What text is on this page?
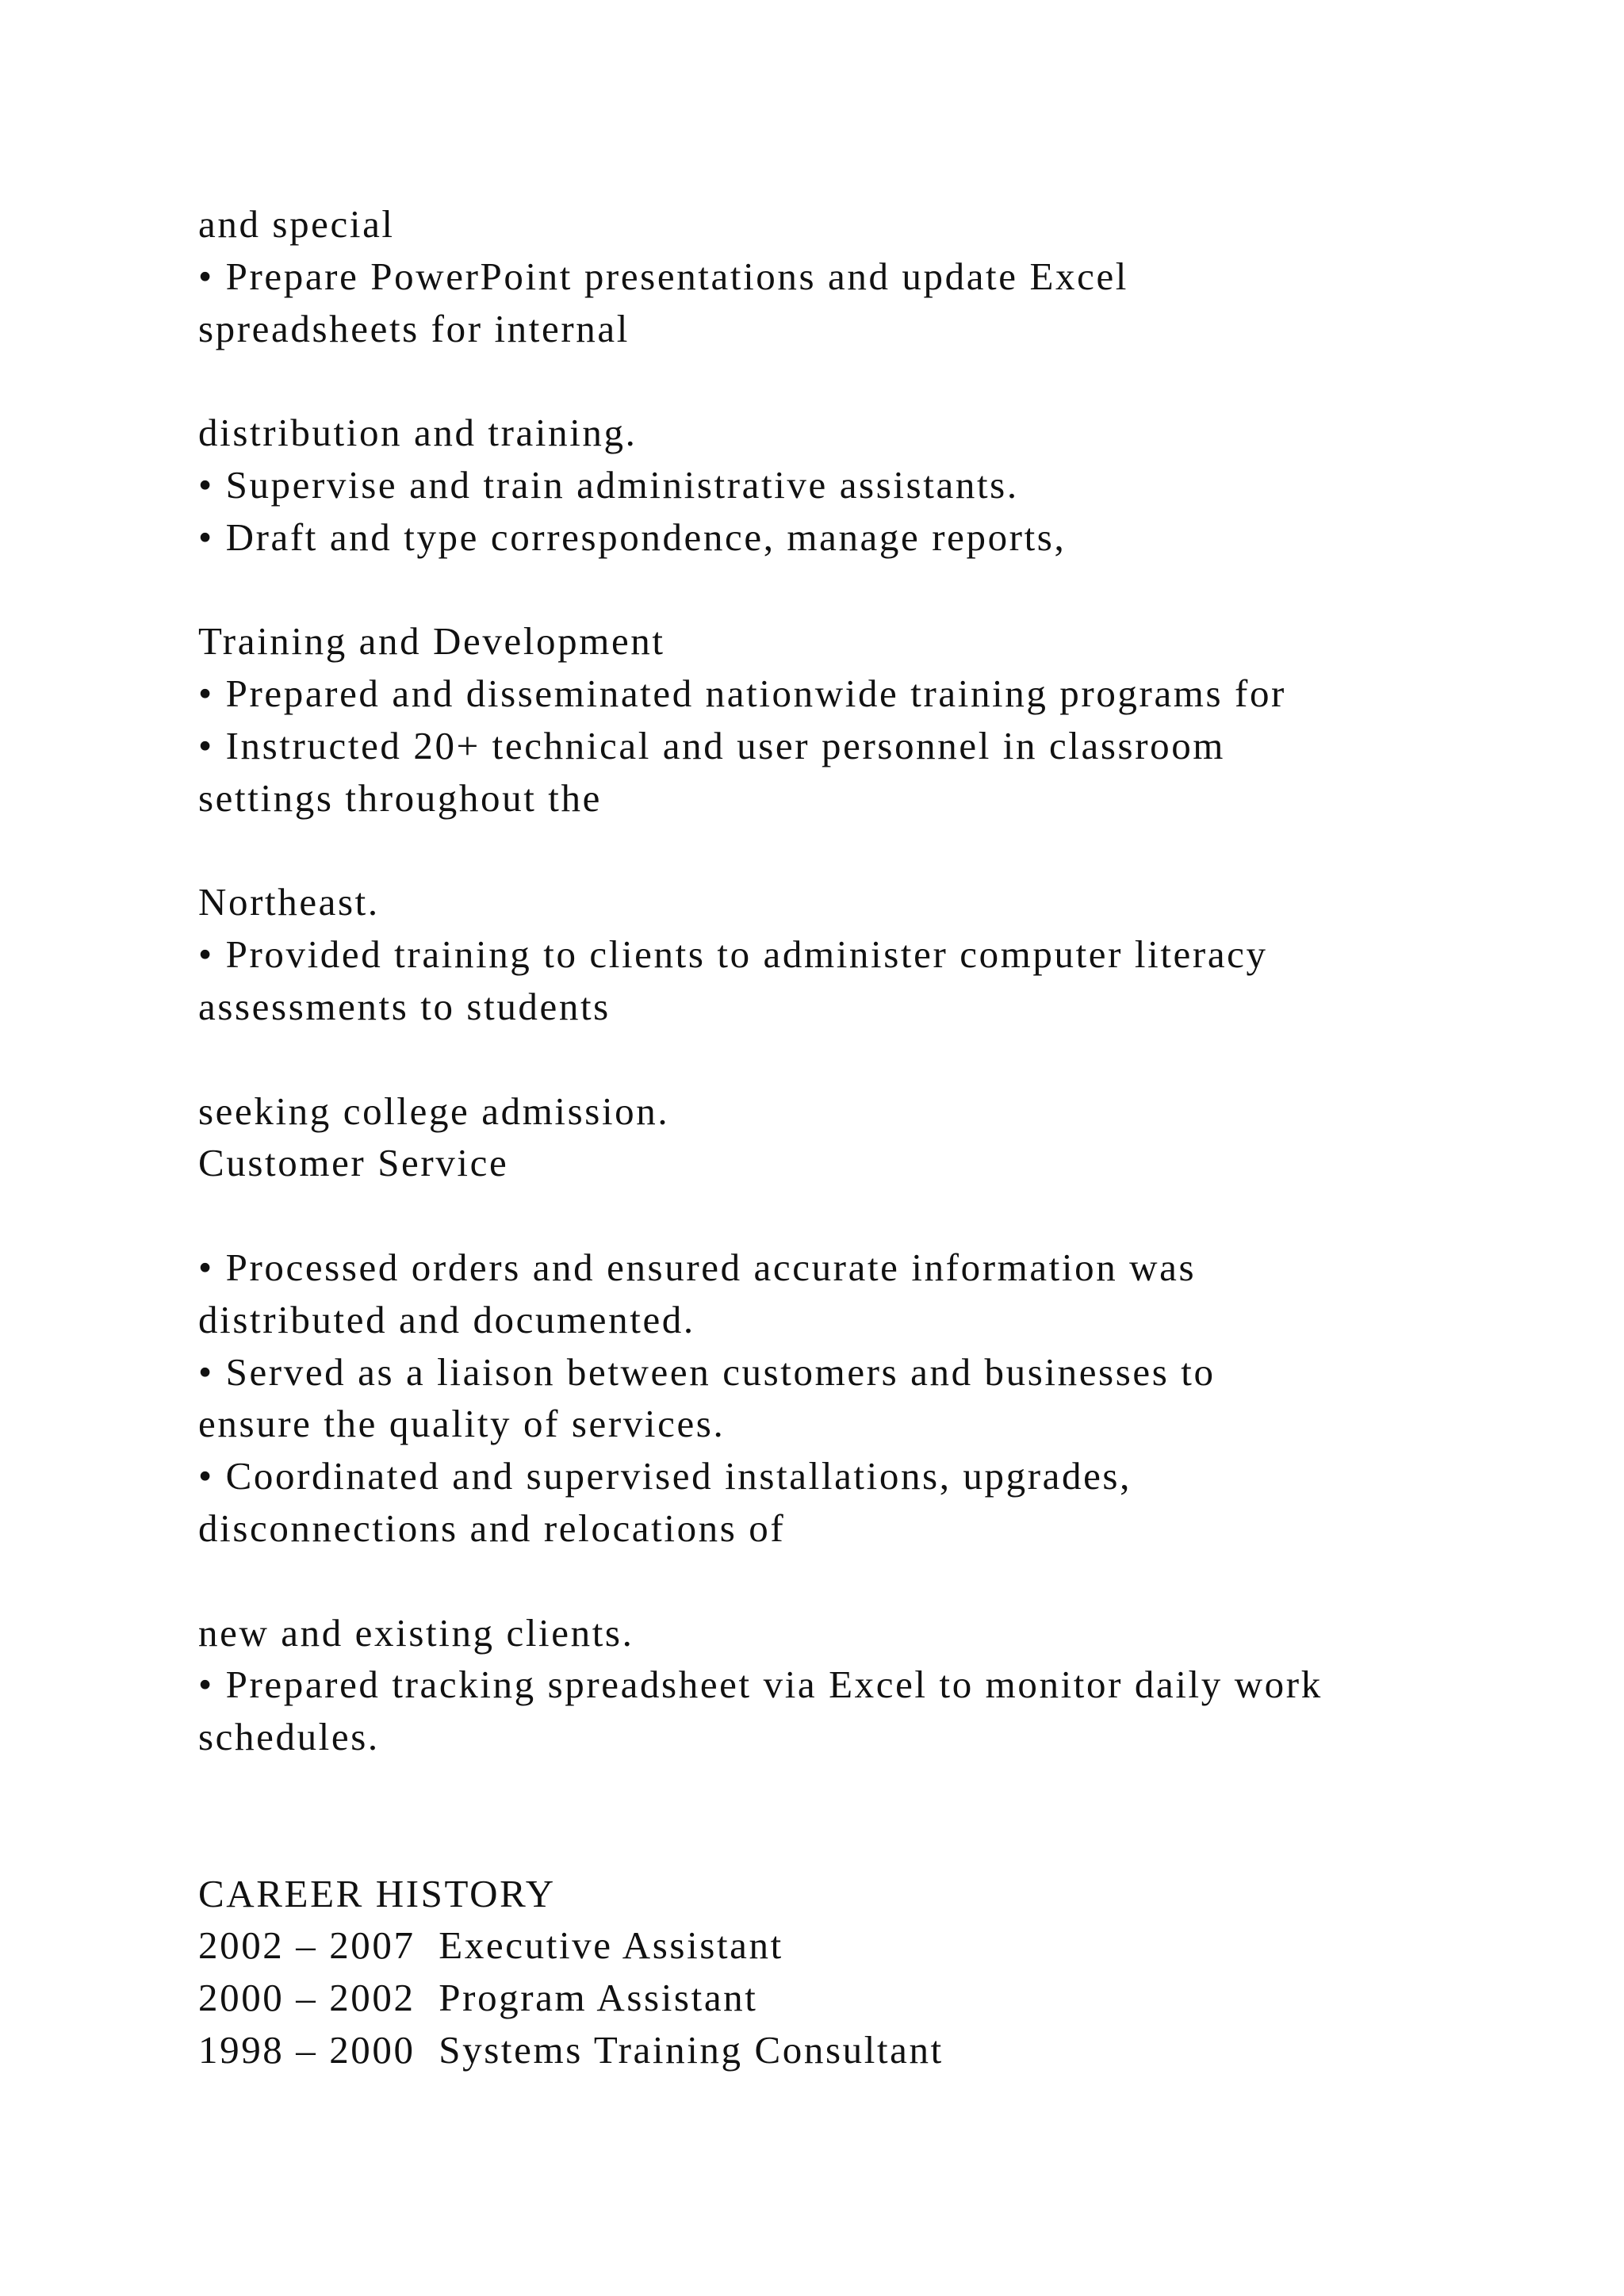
and special
• Prepare PowerPoint presentations and update Excel
spreadsheets for internal
distribution and training.
• Supervise and train administrative assistants.
• Draft and type correspondence, manage reports,
Training and Development
• Prepared and disseminated nationwide training programs for
• Instructed 20+ technical and user personnel in classroom
settings throughout the
Northeast.
• Provided training to clients to administer computer literacy
assessments to students
seeking college admission.
Customer Service
• Processed orders and ensured accurate information was
distributed and documented.
• Served as a liaison between customers and businesses to
ensure the quality of services.
• Coordinated and supervised installations, upgrades,
disconnections and relocations of
new and existing clients.
• Prepared tracking spreadsheet via Excel to monitor daily work
schedules.
CAREER HISTORY
2002 – 2007  Executive Assistant
2000 – 2002  Program Assistant
1998 – 2000  Systems Training Consultant
